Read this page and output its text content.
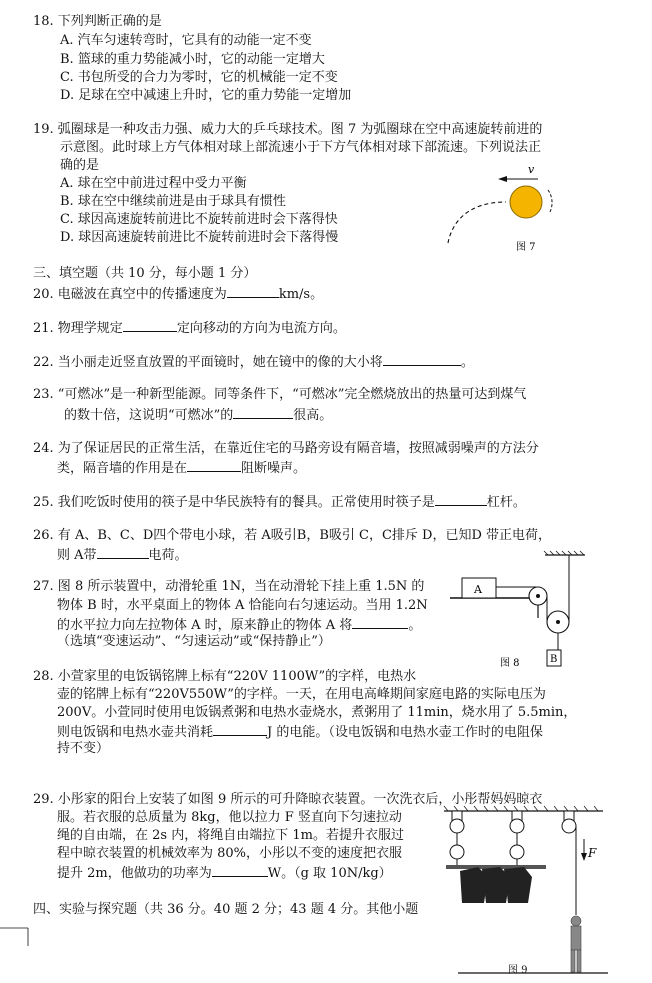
18. 下列判断正确的是
A. 汽车匀速转弯时，它具有的动能一定不变
B. 篮球的重力势能减小时，它的动能一定增大
C. 书包所受的合力为零时，它的机械能一定不变
D. 足球在空中减速上升时，它的重力势能一定增加
19. 弧圈球是一种攻击力强、威力大的乒乓球技术。图 7 为弧圈球在空中高速旋转前进的
示意图。此时球上方气体相对球上部流速小于下方气体相对球下部流速。下列说法正
确的是
A. 球在空中前进过程中受力平衡
B. 球在空中继续前进是由于球具有惯性
C. 球因高速旋转前进比不旋转前进时会下落得快
D. 球因高速旋转前进比不旋转前进时会下落得慢
v
图 7
三、填空题（共 10 分，每小题 1 分）
20. 电磁波在真空中的传播速度为	km/s。
21. 物理学规定	定向移动的方向为电流方向。
22. 当小丽走近竖直放置的平面镜时，她在镜中的像的大小将	。
23. “可燃冰”是一种新型能源。同等条件下，“可燃冰”完全燃烧放出的热量可达到煤气
的数十倍，这说明“可燃冰”的	很高。
24. 为了保证居民的正常生活，在靠近住宅的马路旁设有隔音墙，按照减弱噪声的方法分
类，隔音墙的作用是在	阻断噪声。
25. 我们吃饭时使用的筷子是中华民族特有的餐具。正常使用时筷子是	杠杆。
26. 有 A、B、C、D四个带电小球，若 A吸引B，B吸引 C，C排斥 D，已知D 带正电荷，
则 A带	电荷。
27. 图 8 所示装置中，动滑轮重 1N，当在动滑轮下挂上重 1.5N 的
物体 B 时，水平桌面上的物体 A 恰能向右匀速运动。当用 1.2N
的水平拉力向左拉物体 A 时，原来静止的物体 A 将	。
（选填“变速运动”、“匀速运动”或“保持静止”）
A
B
图 8
28. 小萱家里的电饭锅铭牌上标有“220V 1100W”的字样，电热水
壶的铭牌上标有“220V550W”的字样。一天，在用电高峰期间家庭电路的实际电压为
200V。小萱同时使用电饭锅煮粥和电热水壶烧水，煮粥用了 11min，烧水用了 5.5min，
则电饭锅和电热水壶共消耗	J 的电能。（设电饭锅和电热水壶工作时的电阻保
持不变）
29. 小彤家的阳台上安装了如图 9 所示的可升降晾衣装置。一次洗衣后，小彤帮妈妈晾衣
服。若衣服的总质量为 8kg，他以拉力 F 竖直向下匀速拉动
绳的自由端，在 2s 内，将绳自由端拉下 1m。若提升衣服过
程中晾衣装置的机械效率为 80%，小彤以不变的速度把衣服
提升 2m，他做功的功率为	W。（g 取 10N/kg）
F
图 9
四、实验与探究题（共 36 分。40 题 2 分；43 题 4 分。其他小题
